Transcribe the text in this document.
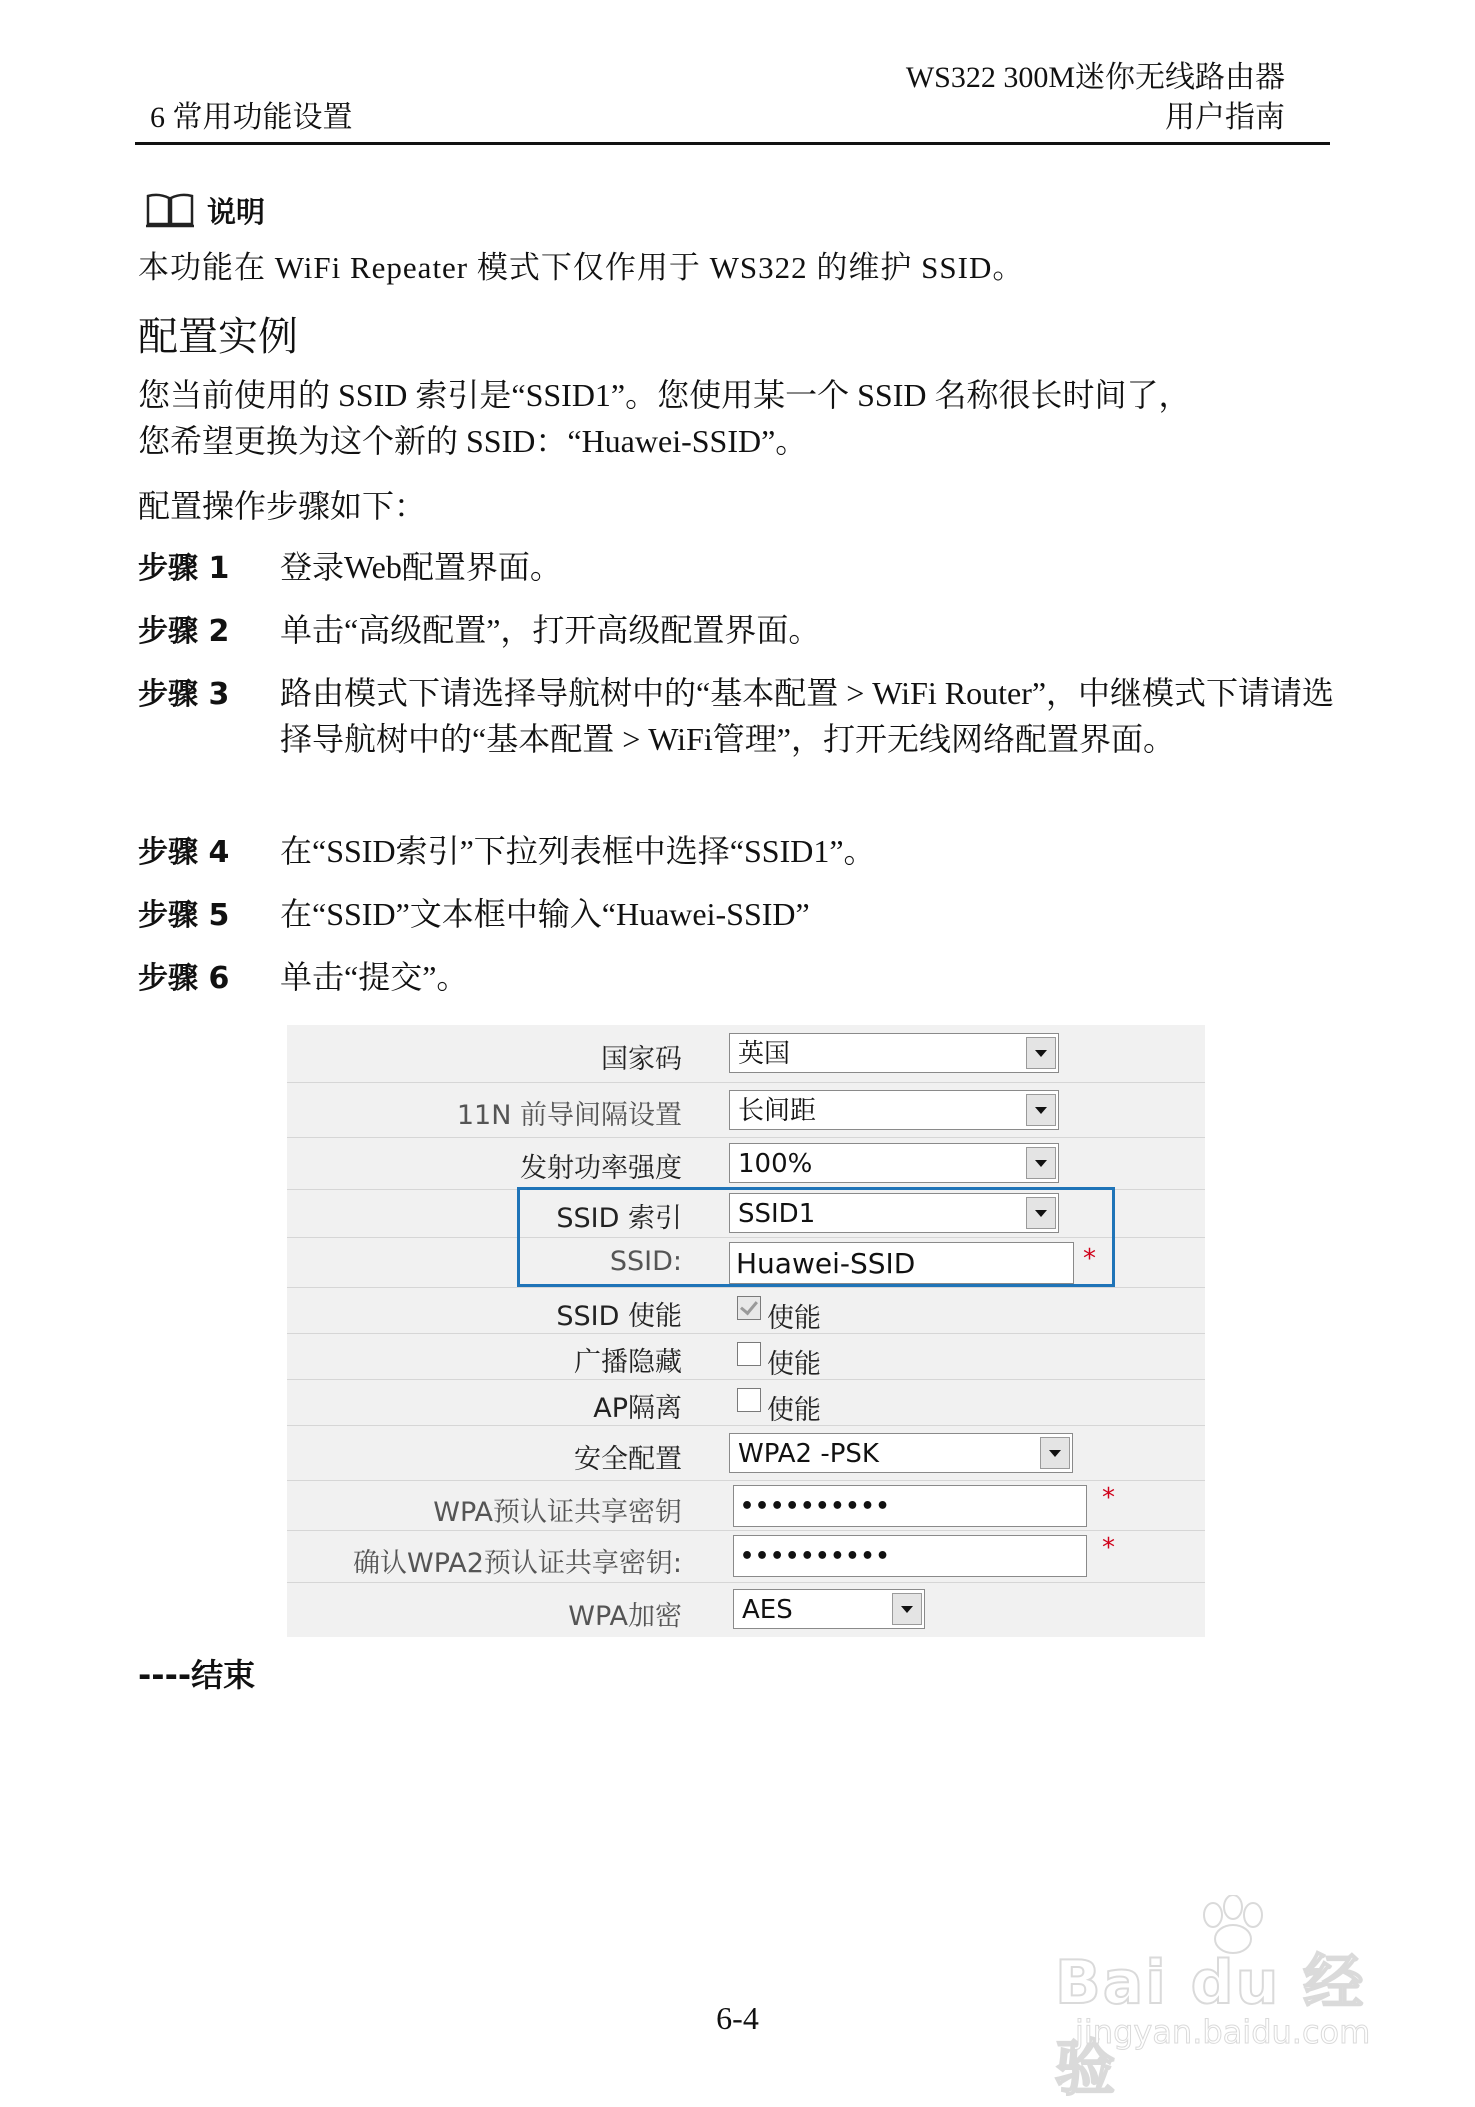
WS322 300M迷你无线路由器
用户指南
6 常用功能设置
说明
本功能在 WiFi Repeater 模式下仅作用于 WS322 的维护 SSID。
配置实例
您当前使用的 SSID 索引是“SSID1”。您使用某一个 SSID 名称很长时间了，
您希望更换为这个新的 SSID：“Huawei-SSID”。
配置操作步骤如下：
步骤 1	登录Web配置界面。
步骤 2	单击“高级配置”，打开高级配置界面。
步骤 3	路由模式下请选择导航树中的“基本配置 > WiFi Router”，中继模式下请请选择导航树中的“基本配置 > WiFi管理”，打开无线网络配置界面。
步骤 4	在“SSID索引”下拉列表框中选择“SSID1”。
步骤 5	在“SSID”文本框中输入“Huawei-SSID”
步骤 6	单击“提交”。
国家码	英国
11N 前导间隔设置	长间距
发射功率强度	100%
SSID 索引	SSID1
SSID: Huawei-SSID	*
SSID 使能	使能
广播隐藏	使能
AP隔离	使能
安全配置	WPA2 -PSK
WPA预认证共享密钥	••••••••••	*
确认WPA2预认证共享密钥:	••••••••••	*
WPA加密	AES
----结束
6-4	Bai du 经验
jingyan.baidu.com
